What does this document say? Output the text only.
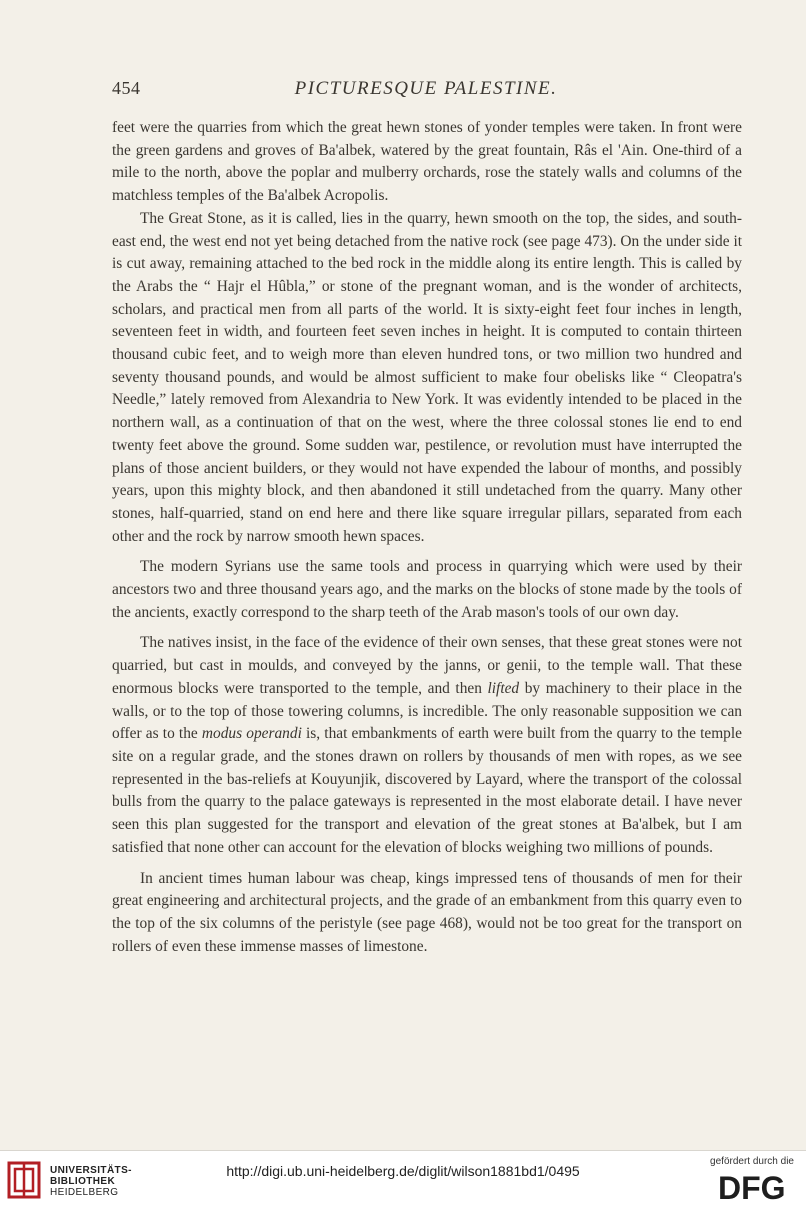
454	PICTURESQUE PALESTINE.

feet were the quarries from which the great hewn stones of yonder temples were taken. In front were the green gardens and groves of Ba'albek, watered by the great fountain, Râs el 'Ain. One-third of a mile to the north, above the poplar and mulberry orchards, rose the stately walls and columns of the matchless temples of the Ba'albek Acropolis.

The Great Stone, as it is called, lies in the quarry, hewn smooth on the top, the sides, and south-east end, the west end not yet being detached from the native rock (see page 473). On the under side it is cut away, remaining attached to the bed rock in the middle along its entire length. This is called by the Arabs the “ Hajr el Hûbla,” or stone of the pregnant woman, and is the wonder of architects, scholars, and practical men from all parts of the world. It is sixty-eight feet four inches in length, seventeen feet in width, and fourteen feet seven inches in height. It is computed to contain thirteen thousand cubic feet, and to weigh more than eleven hundred tons, or two million two hundred and seventy thousand pounds, and would be almost sufficient to make four obelisks like “ Cleopatra's Needle,” lately removed from Alexandria to New York. It was evidently intended to be placed in the northern wall, as a continuation of that on the west, where the three colossal stones lie end to end twenty feet above the ground. Some sudden war, pestilence, or revolution must have interrupted the plans of those ancient builders, or they would not have expended the labour of months, and possibly years, upon this mighty block, and then abandoned it still undetached from the quarry. Many other stones, half-quarried, stand on end here and there like square irregular pillars, separated from each other and the rock by narrow smooth hewn spaces.

The modern Syrians use the same tools and process in quarrying which were used by their ancestors two and three thousand years ago, and the marks on the blocks of stone made by the tools of the ancients, exactly correspond to the sharp teeth of the Arab mason's tools of our own day.

The natives insist, in the face of the evidence of their own senses, that these great stones were not quarried, but cast in moulds, and conveyed by the janns, or genii, to the temple wall. That these enormous blocks were transported to the temple, and then lifted by machinery to their place in the walls, or to the top of those towering columns, is incredible. The only reasonable supposition we can offer as to the modus operandi is, that embankments of earth were built from the quarry to the temple site on a regular grade, and the stones drawn on rollers by thousands of men with ropes, as we see represented in the bas-reliefs at Kouyunjik, discovered by Layard, where the transport of the colossal bulls from the quarry to the palace gateways is represented in the most elaborate detail. I have never seen this plan suggested for the transport and elevation of the great stones at Ba'albek, but I am satisfied that none other can account for the elevation of blocks weighing two millions of pounds.

In ancient times human labour was cheap, kings impressed tens of thousands of men for their great engineering and architectural projects, and the grade of an embankment from this quarry even to the top of the six columns of the peristyle (see page 468), would not be too great for the transport on rollers of even these immense masses of limestone.

UNIVERSITÄTS-
BIBLIOTHEK
HEIDELBERG
http://digi.ub.uni-heidelberg.de/diglit/wilson1881bd1/0495
gefördert durch die
DFG
